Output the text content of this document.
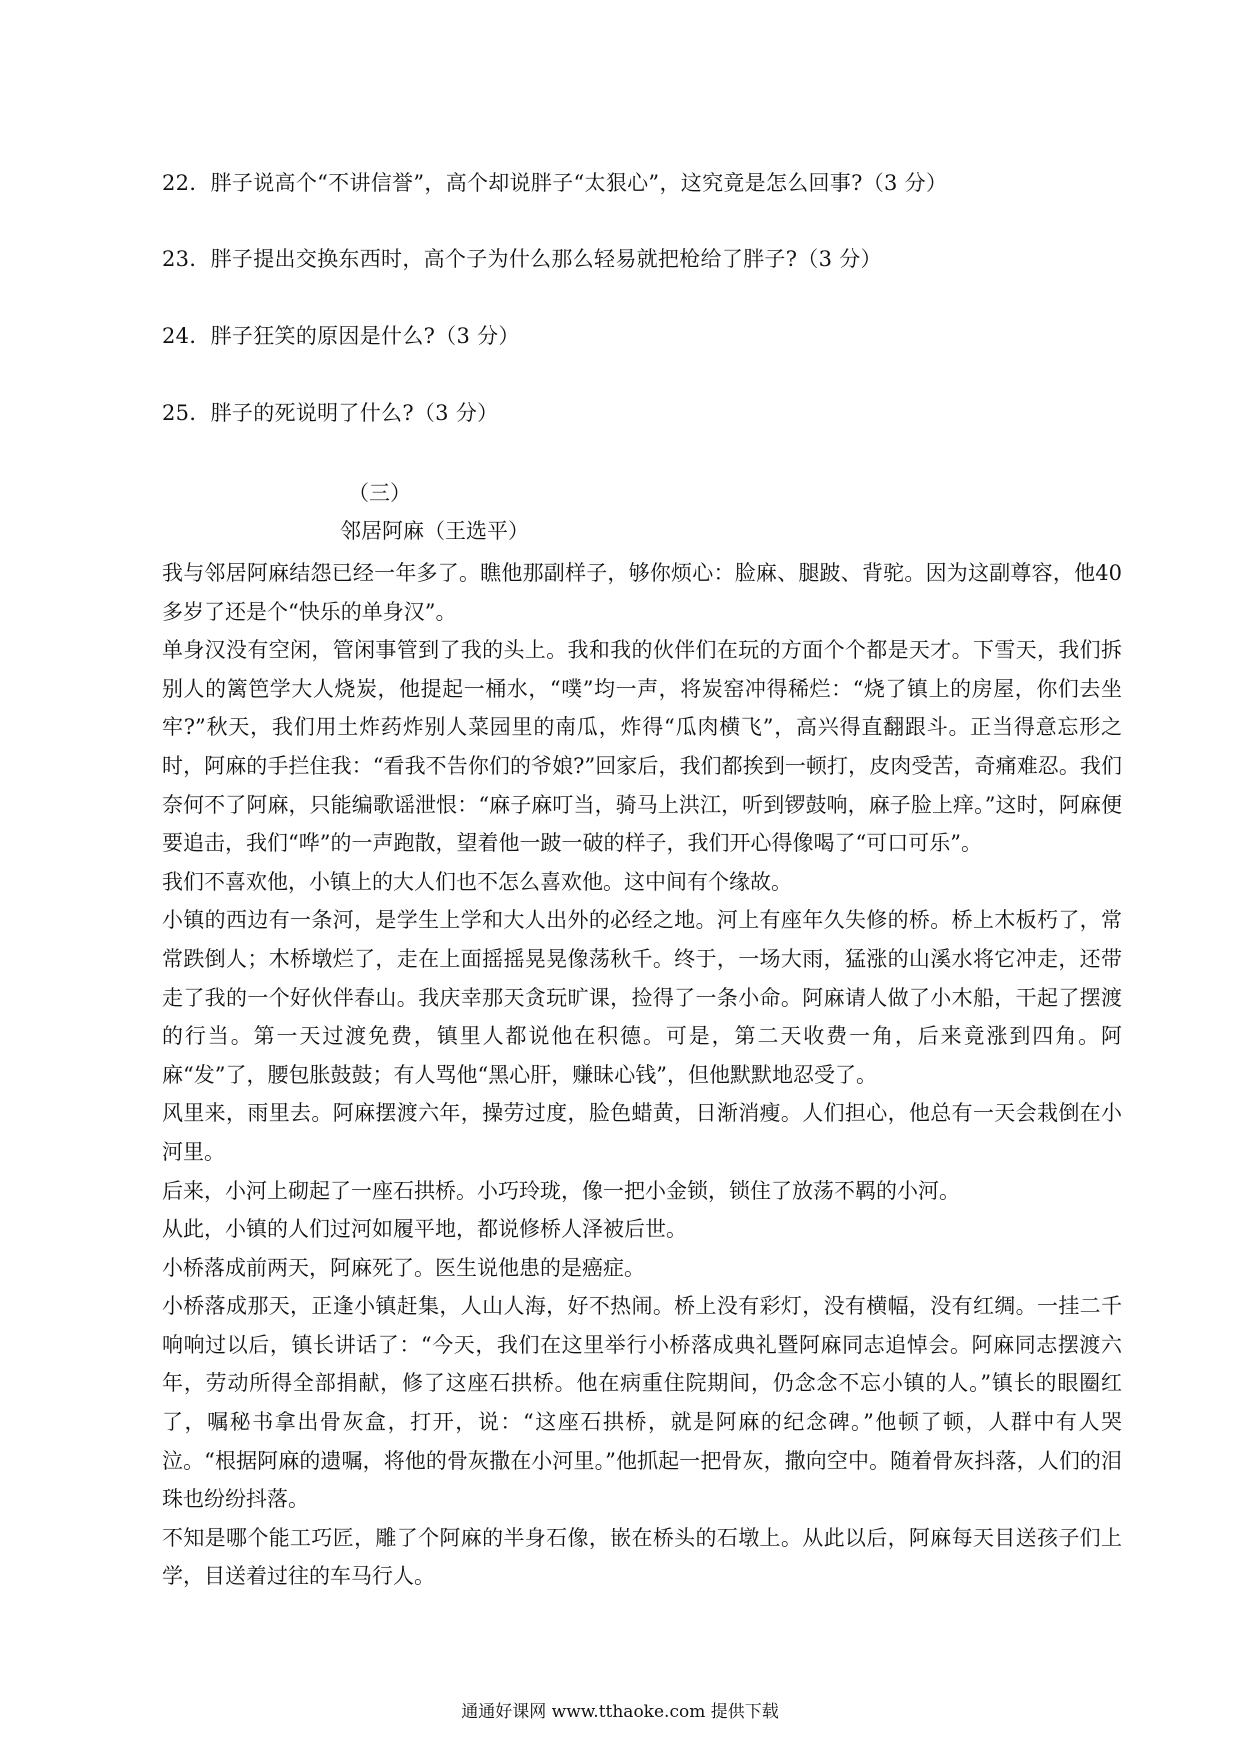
22．胖子说高个“不讲信誉”，高个却说胖子“太狠心”，这究竟是怎么回事?（3 分）
23．胖子提出交换东西时，高个子为什么那么轻易就把枪给了胖子?（3 分）
24．胖子狂笑的原因是什么?（3 分）
25．胖子的死说明了什么?（3 分）
（三）
邻居阿麻（王选平）

我与邻居阿麻结怨已经一年多了。瞧他那副样子，够你烦心：脸麻、腿跛、背驼。因为这副尊容，他40 多岁了还是个“快乐的单身汉”。

单身汉没有空闲，管闲事管到了我的头上。我和我的伙伴们在玩的方面个个都是天才。下雪天，我们拆别人的篱笆学大人烧炭，他提起一桶水，“噗”均一声，将炭窑冲得稀烂：“烧了镇上的房屋，你们去坐牢?”秋天，我们用土炸药炸别人菜园里的南瓜，炸得“瓜肉横飞”，高兴得直翻跟斗。正当得意忘形之时，阿麻的手拦住我：“看我不告你们的爷娘?”回家后，我们都挨到一顿打，皮肉受苦，奇痛难忍。我们奈何不了阿麻，只能编歌谣泄恨：“麻子麻叮当，骑马上洪江，听到锣鼓响，麻子脸上痒。”这时，阿麻便要追击，我们“哗”的一声跑散，望着他一跛一破的样子，我们开心得像喝了“可口可乐”。

我们不喜欢他，小镇上的大人们也不怎么喜欢他。这中间有个缘故。

小镇的西边有一条河，是学生上学和大人出外的必经之地。河上有座年久失修的桥。桥上木板朽了，常常跌倒人；木桥墩烂了，走在上面摇摇晃晃像荡秋千。终于，一场大雨，猛涨的山溪水将它冲走，还带走了我的一个好伙伴春山。我庆幸那天贪玩旷课，捡得了一条小命。阿麻请人做了小木船，干起了摆渡的行当。第一天过渡免费，镇里人都说他在积德。可是，第二天收费一角，后来竟涨到四角。阿麻“发”了，腰包胀鼓鼓；有人骂他“黑心肝，赚昧心钱”，但他默默地忍受了。

风里来，雨里去。阿麻摆渡六年，操劳过度，脸色蜡黄，日渐消瘦。人们担心，他总有一天会栽倒在小河里。

后来，小河上砌起了一座石拱桥。小巧玲珑，像一把小金锁，锁住了放荡不羁的小河。

从此，小镇的人们过河如履平地，都说修桥人泽被后世。

小桥落成前两天，阿麻死了。医生说他患的是癌症。

小桥落成那天，正逢小镇赶集，人山人海，好不热闹。桥上没有彩灯，没有横幅，没有红绸。一挂二千响响过以后，镇长讲话了：“今天，我们在这里举行小桥落成典礼暨阿麻同志追悼会。阿麻同志摆渡六年，劳动所得全部捐献，修了这座石拱桥。他在病重住院期间，仍念念不忘小镇的人。”镇长的眼圈红了，嘱秘书拿出骨灰盒，打开，说：“这座石拱桥，就是阿麻的纪念碑。”他顿了顿，人群中有人哭泣。“根据阿麻的遗嘱，将他的骨灰撒在小河里。”他抓起一把骨灰，撒向空中。随着骨灰抖落，人们的泪珠也纷纷抖落。

不知是哪个能工巧匠，雕了个阿麻的半身石像，嵌在桥头的石墩上。从此以后，阿麻每天目送孩子们上学，目送着过往的车马行人。

通通好课网 www.tthaoke.com 提供下载
